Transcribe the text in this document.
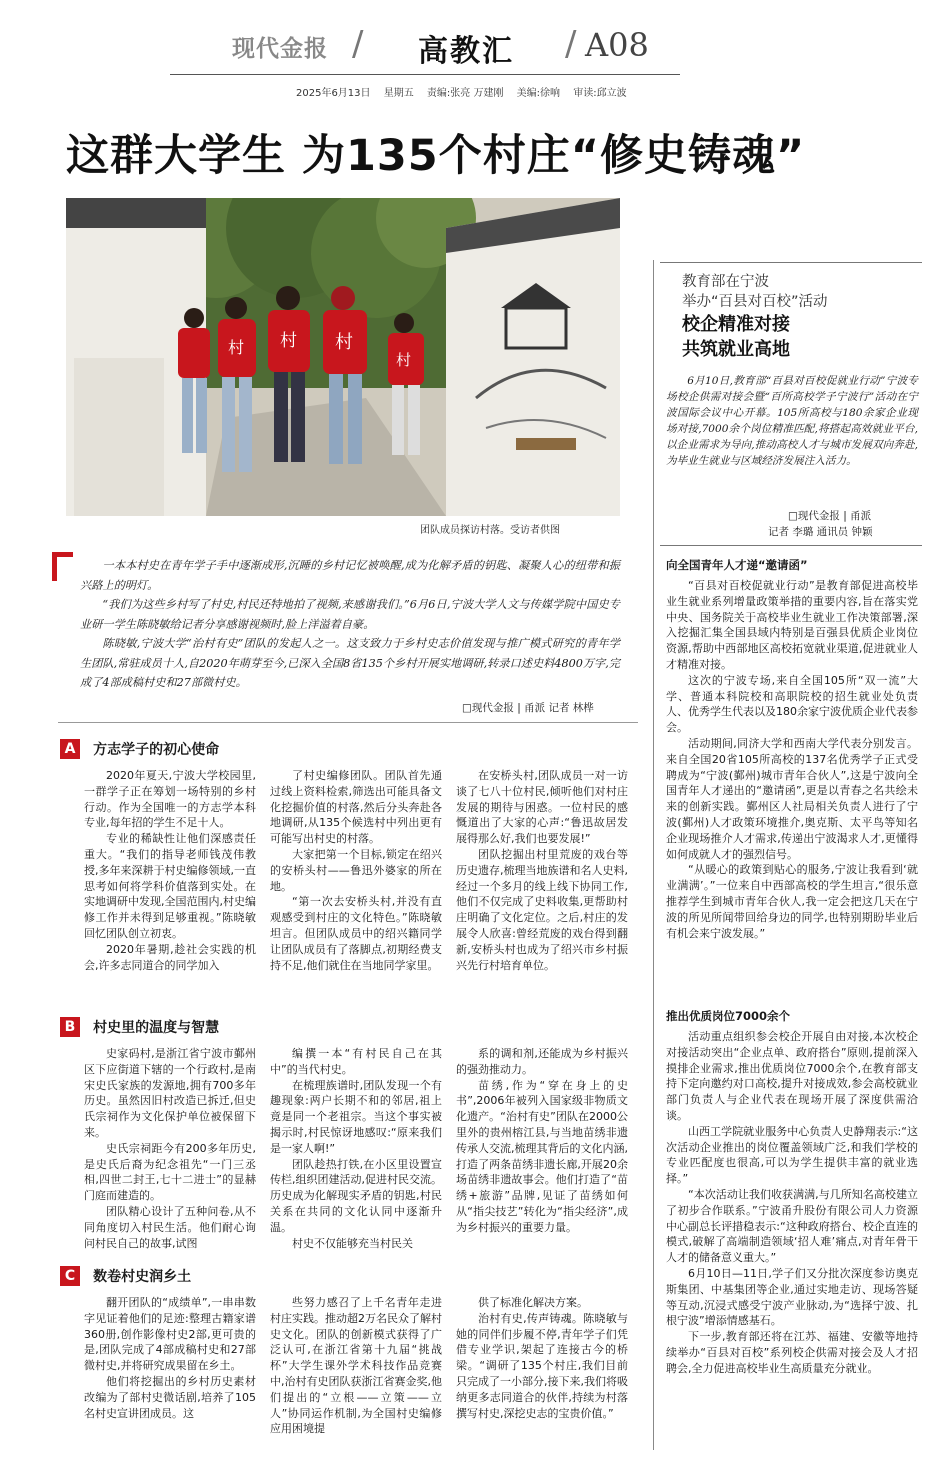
现代金报 / 高教汇 / A08
2025年6月13日 星期五 责编:张亮 万建刚 美编:徐响 审读:邱立波
这群大学生 为135个村庄“修史铸魂”
村 村 村
村
团队成员探访村落。受访者供图

一本本村史在青年学子手中逐渐成形,沉睡的乡村记忆被唤醒,成为化解矛盾的钥匙、凝聚人心的纽带和振兴路上的明灯。

“我们为这些乡村写了村史,村民还特地拍了视频,来感谢我们。”6月6日,宁波大学人文与传媒学院中国史专业研一学生陈晓敏给记者分享感谢视频时,脸上洋溢着自豪。

陈晓敏,宁波大学“治村有史”团队的发起人之一。这支致力于乡村史志价值发现与推广模式研究的青年学生团队,常驻成员十人,自2020年萌芽至今,已深入全国8省135个乡村开展实地调研,转录口述史料4800万字,完成了4部成稿村史和27部微村史。

□现代金报 | 甬派 记者 林桦
A 方志学子的初心使命

2020年夏天,宁波大学校园里,一群学子正在筹划一场特别的乡村行动。作为全国唯一的方志学本科专业,每年招的学生不足十人。

专业的稀缺性让他们深感责任重大。“我们的指导老师钱茂伟教授,多年来深耕于村史编修领域,一直思考如何将学科价值落到实处。在实地调研中发现,全国范围内,村史编修工作并未得到足够重视。”陈晓敏回忆团队创立初衷。

2020年暑期,趁社会实践的机会,许多志同道合的同学加入

了村史编修团队。团队首先通过线上资料检索,筛选出可能具备文化挖掘价值的村落,然后分头奔赴各地调研,从135个候选村中列出更有可能写出村史的村落。

大家把第一个目标,锁定在绍兴的安桥头村——鲁迅外婆家的所在地。

“第一次去安桥头村,并没有直观感受到村庄的文化特色。”陈晓敏坦言。但团队成员中的绍兴籍同学让团队成员有了落脚点,初期经费支持不足,他们就住在当地同学家里。

在安桥头村,团队成员一对一访谈了七八十位村民,倾听他们对村庄发展的期待与困惑。一位村民的感慨道出了大家的心声:“鲁迅故居发展得那么好,我们也要发展!”

团队挖掘出村里荒废的戏台等历史遗存,梳理当地族谱和名人史料,经过一个多月的线上线下协同工作,他们不仅完成了史料收集,更帮助村庄明确了文化定位。之后,村庄的发展令人欣喜:曾经荒废的戏台得到翻新,安桥头村也成为了绍兴市乡村振兴先行村培育单位。

B 村史里的温度与智慧

史家码村,是浙江省宁波市鄞州区下应街道下辖的一个行政村,是南宋史氏家族的发源地,拥有700多年历史。虽然因旧村改造已拆迁,但史氏宗祠作为文化保护单位被保留下来。

史氏宗祠距今有200多年历史,是史氏后裔为纪念祖先“一门三丞相,四世二封王,七十二进士”的显赫门庭而建造的。

团队精心设计了五种问卷,从不同角度切入村民生活。他们耐心询问村民自己的故事,试图

编撰一本“有村民自己在其中”的当代村史。

在梳理族谱时,团队发现一个有趣现象:两户长期不和的邻居,祖上竟是同一个老祖宗。当这个事实被揭示时,村民惊讶地感叹:“原来我们是一家人啊!”

团队趁热打铁,在小区里设置宣传栏,组织团建活动,促进村民交流。历史成为化解现实矛盾的钥匙,村民关系在共同的文化认同中逐渐升温。

村史不仅能够充当村民关

系的调和剂,还能成为乡村振兴的强劲推动力。

苗绣,作为“穿在身上的史书”,2006年被列入国家级非物质文化遗产。“治村有史”团队在2000公里外的贵州榕江县,与当地苗绣非遗传承人交流,梳理其背后的文化内涵,打造了两条苗绣非遗长廊,开展20余场苗绣非遗故事会。他们打造了“苗绣+旅游”品牌,见证了苗绣如何从“指尖技艺”转化为“指尖经济”,成为乡村振兴的重要力量。

C 数卷村史润乡土

翻开团队的“成绩单”,一串串数字见证着他们的足迹:整理古籍家谱360册,创作影像村史2部,更可贵的是,团队完成了4部成稿村史和27部微村史,并将研究成果留在乡土。

他们将挖掘出的乡村历史素材改编为了部村史微话剧,培养了105名村史宣讲团成员。这

些努力感召了上千名青年走进村庄实践。推动超2万名民众了解村史文化。团队的创新模式获得了广泛认可,在浙江省第十九届“挑战杯”大学生课外学术科技作品竞赛中,治村有史团队获浙江省赛金奖,他们提出的“立根——立策——立人”协同运作机制,为全国村史编修应用困境提

供了标准化解决方案。

治村有史,传声铸魂。陈晓敏与她的同伴们步履不停,青年学子们凭借专业学识,架起了连接古今的桥梁。“调研了135个村庄,我们目前只完成了一小部分,接下来,我们将吸纳更多志同道合的伙伴,持续为村落撰写村史,深挖史志的宝贵价值。”

教育部在宁波
举办“百县对百校”活动
校企精准对接
共筑就业高地

6月10日,教育部“百县对百校促就业行动”宁波专场校企供需对接会暨“百所高校学子宁波行”活动在宁波国际会议中心开幕。105所高校与180余家企业现场对接,7000余个岗位精准匹配,将搭起高效就业平台,以企业需求为导向,推动高校人才与城市发展双向奔赴,为毕业生就业与区域经济发展注入活力。

□现代金报 | 甬派
记者 李璐 通讯员 钟颖
向全国青年人才递“邀请函”

“百县对百校促就业行动”是教育部促进高校毕业生就业系列增量政策举措的重要内容,旨在落实党中央、国务院关于高校毕业生就业工作决策部署,深入挖掘汇集全国县域内特别是百强县优质企业岗位资源,帮助中西部地区高校拓宽就业渠道,促进就业人才精准对接。

这次的宁波专场,来自全国105所“双一流”大学、普通本科院校和高职院校的招生就业处负责人、优秀学生代表以及180余家宁波优质企业代表参会。

活动期间,同济大学和西南大学代表分别发言。来自全国20省105所高校的137名优秀学子正式受聘成为“宁波(鄞州)城市青年合伙人”,这是宁波向全国青年人才递出的“邀请函”,更是以青春之名共绘未来的创新实践。鄞州区人社局相关负责人进行了宁波(鄞州)人才政策环境推介,奥克斯、太平鸟等知名企业现场推介人才需求,传递出宁波渴求人才,更懂得如何成就人才的强烈信号。

“从暖心的政策到贴心的服务,宁波让我看到‘就业满满’。”一位来自中西部高校的学生坦言,“很乐意推荐学生到城市青年合伙人,我一定会把这几天在宁波的所见所闻带回给身边的同学,也特别期盼毕业后有机会来宁波发展。”

推出优质岗位7000余个

活动重点组织参会校企开展自由对接,本次校企对接活动突出“企业点单、政府搭台”原则,提前深入摸排企业需求,推出优质岗位7000余个,在教育部支持下定向邀约对口高校,提升对接成效,参会高校就业部门负责人与企业代表在现场开展了深度供需洽谈。

山西工学院就业服务中心负责人史静翔表示:“这次活动企业推出的岗位覆盖领域广泛,和我们学校的专业匹配度也很高,可以为学生提供丰富的就业选择。”

“本次活动让我们收获满满,与几所知名高校建立了初步合作联系。”宁波甬升股份有限公司人力资源中心副总长评措稳表示:“这种政府搭台、校企直连的模式,破解了高端制造领域‘招人难’痛点,对青年骨干人才的储备意义重大。”

6月10日—11日,学子们又分批次深度参访奥克斯集团、中基集团等企业,通过实地走访、现场答疑等互动,沉浸式感受宁波产业脉动,为“选择宁波、扎根宁波”增添情感基石。

下一步,教育部还将在江苏、福建、安徽等地持续举办“百县对百校”系列校企供需对接会及人才招聘会,全力促进高校毕业生高质量充分就业。
